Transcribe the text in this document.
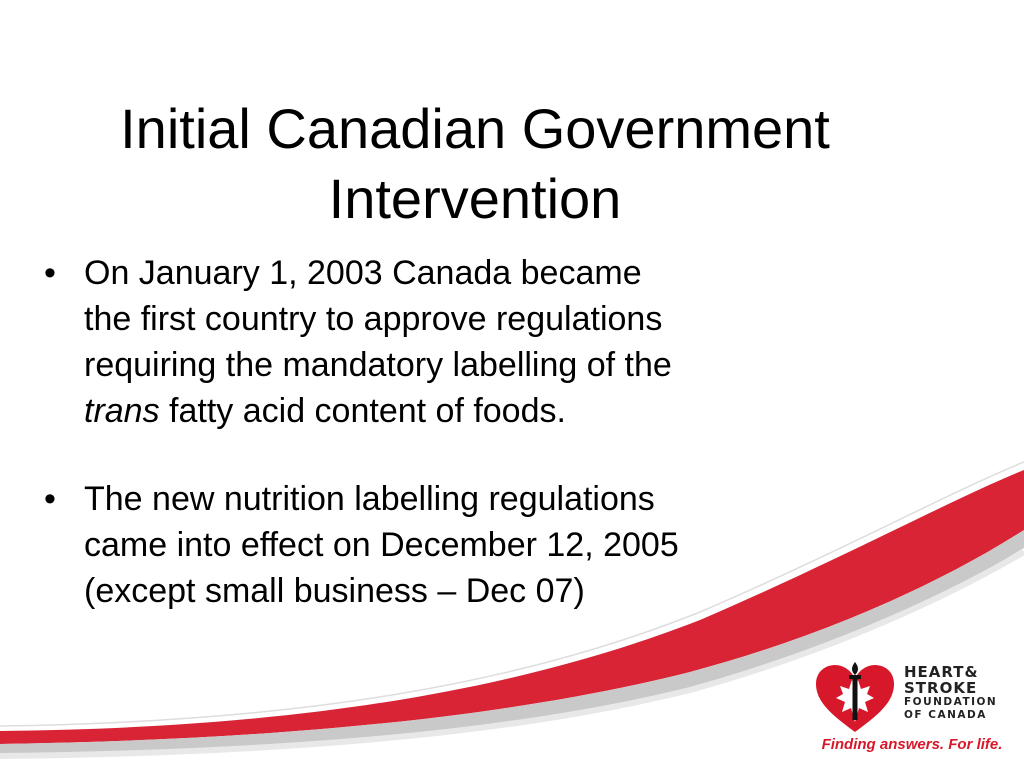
Initial Canadian Government
Intervention
• On January 1, 2003 Canada became
the first country to approve regulations
requiring the mandatory labelling of the
trans fatty acid content of foods.
• The new nutrition labelling regulations
came into effect on December 12, 2005
(except small business – Dec 07)
HEART&
STROKE
FOUNDATION
OF CANADA
Finding answers. For life.
